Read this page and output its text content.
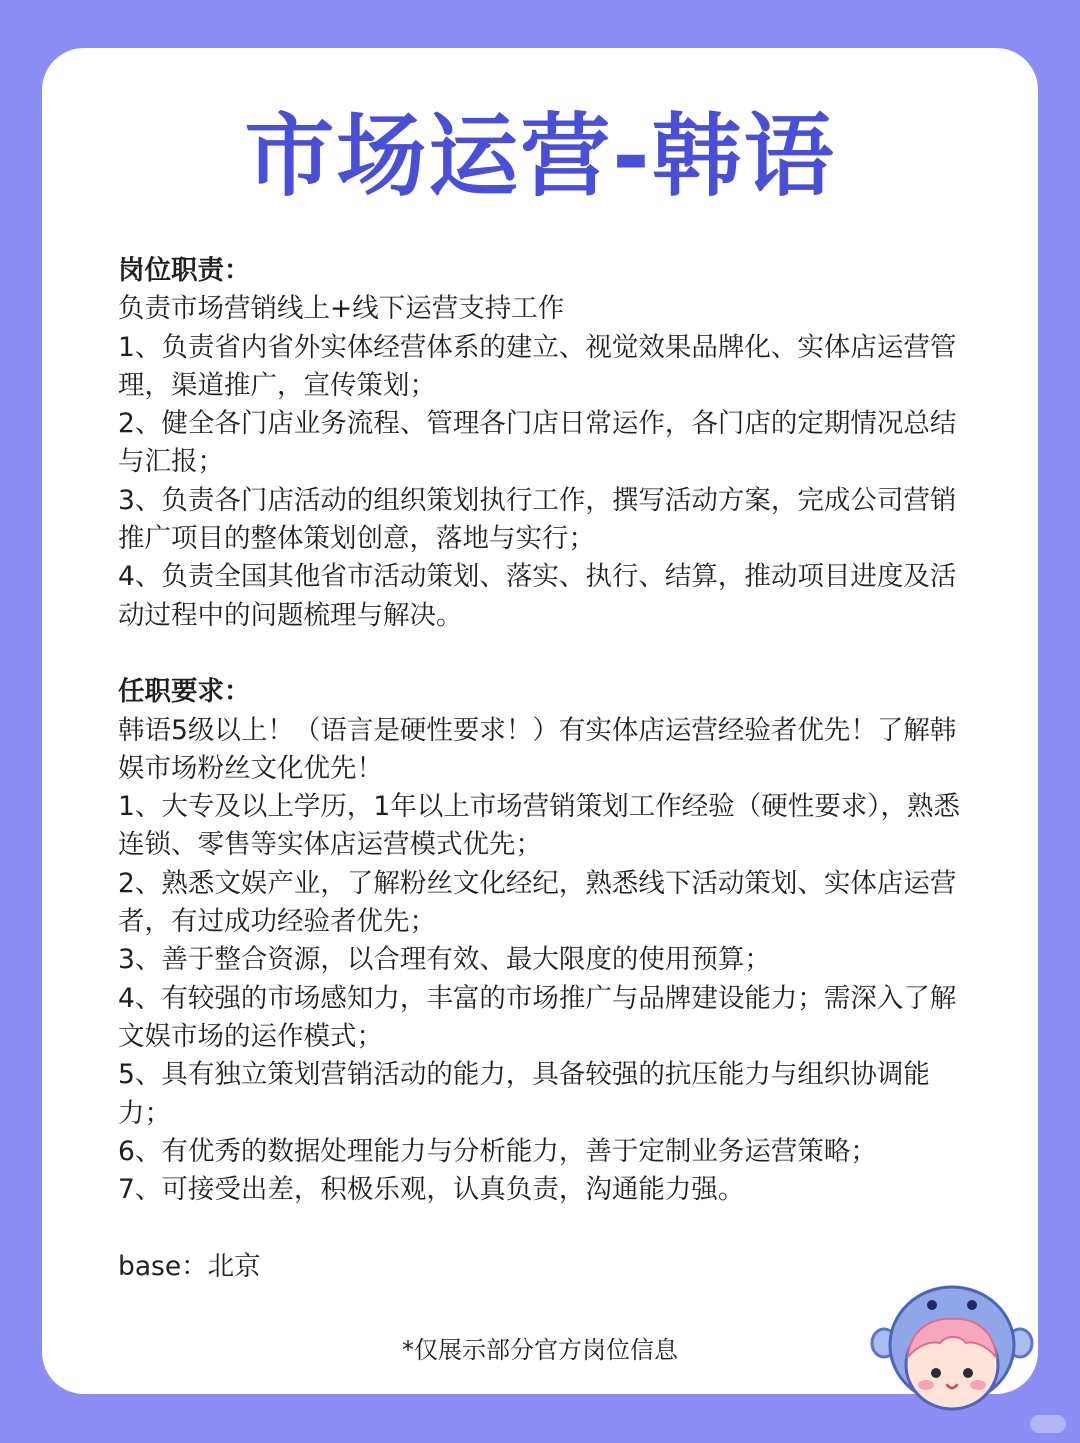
市场运营-韩语

岗位职责：

负责市场营销线上+线下运营支持工作

1、负责省内省外实体经营体系的建立、视觉效果品牌化、实体店运营管理，渠道推广，宣传策划；

2、健全各门店业务流程、管理各门店日常运作，各门店的定期情况总结与汇报；

3、负责各门店活动的组织策划执行工作，撰写活动方案，完成公司营销推广项目的整体策划创意，落地与实行；

4、负责全国其他省市活动策划、落实、执行、结算，推动项目进度及活动过程中的问题梳理与解决。

任职要求：

韩语5级以上！（语言是硬性要求！）有实体店运营经验者优先！了解韩娱市场粉丝文化优先！

1、大专及以上学历，1年以上市场营销策划工作经验（硬性要求），熟悉连锁、零售等实体店运营模式优先；

2、熟悉文娱产业，了解粉丝文化经纪，熟悉线下活动策划、实体店运营者，有过成功经验者优先；

3、善于整合资源，以合理有效、最大限度的使用预算；

4、有较强的市场感知力，丰富的市场推广与品牌建设能力；需深入了解文娱市场的运作模式；

5、具有独立策划营销活动的能力，具备较强的抗压能力与组织协调能力；

6、有优秀的数据处理能力与分析能力，善于定制业务运营策略；

7、可接受出差，积极乐观，认真负责，沟通能力强。

base：北京

*仅展示部分官方岗位信息
